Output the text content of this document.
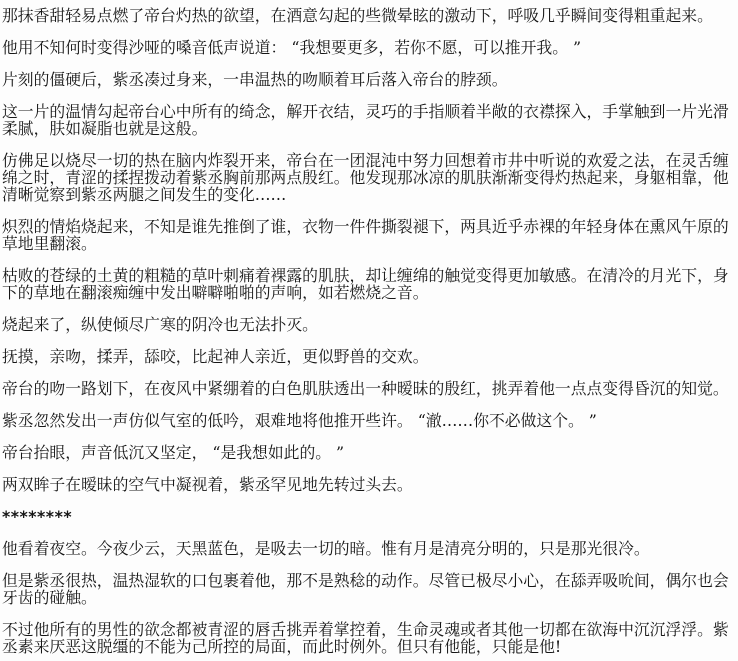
那抹香甜轻易点燃了帝台灼热的欲望，在酒意勾起的些微晕眩的激动下，呼吸几乎瞬间变得粗重起来。

他用不知何时变得沙哑的嗓音低声说道： “我想要更多，若你不愿，可以推开我。 ”

片刻的僵硬后，紫丞凑过身来，一串温热的吻顺着耳后落入帝台的脖颈。

这一片的温情勾起帝台心中所有的绮念，解开衣结，灵巧的手指顺着半敞的衣襟探入，手掌触到一片光滑柔腻，肤如凝脂也就是这般。

仿佛足以烧尽一切的热在脑内炸裂开来，帝台在一团混沌中努力回想着市井中听说的欢爱之法，在灵舌缠绵之时，青涩的揉捏拨动着紫丞胸前那两点殷红。他发现那冰凉的肌肤渐渐变得灼热起来，身躯相靠，他清晰觉察到紫丞两腿之间发生的变化……

炽烈的情焰烧起来，不知是谁先推倒了谁，衣物一件件撕裂褪下，两具近乎赤裸的年轻身体在熏风午原的草地里翻滚。

枯败的苍绿的土黄的粗糙的草叶刺痛着裸露的肌肤，却让缠绵的触觉变得更加敏感。在清冷的月光下，身下的草地在翻滚痴缠中发出噼噼啪啪的声响，如若燃烧之音。

烧起来了，纵使倾尽广寒的阴冷也无法扑灭。

抚摸，亲吻，揉弄，舔咬，比起神人亲近，更似野兽的交欢。

帝台的吻一路划下，在夜风中紧绷着的白色肌肤透出一种暧昧的殷红，挑弄着他一点点变得昏沉的知觉。

紫丞忽然发出一声仿似气室的低吟，艰难地将他推开些许。 “澈……你不必做这个。 ”

帝台抬眼，声音低沉又坚定， “是我想如此的。 ”

两双眸子在暧昧的空气中凝视着，紫丞罕见地先转过头去。

********

他看着夜空。今夜少云，天黑蓝色，是吸去一切的暗。惟有月是清亮分明的，只是那光很冷。

但是紫丞很热，温热湿软的口包裹着他，那不是熟稔的动作。尽管已极尽小心，在舔弄吸吮间，偶尔也会牙齿的碰触。

不过他所有的男性的欲念都被青涩的唇舌挑弄着掌控着，生命灵魂或者其他一切都在欲海中沉沉浮浮。紫丞素来厌恶这脱缰的不能为己所控的局面，而此时例外。但只有他能，只能是他!
